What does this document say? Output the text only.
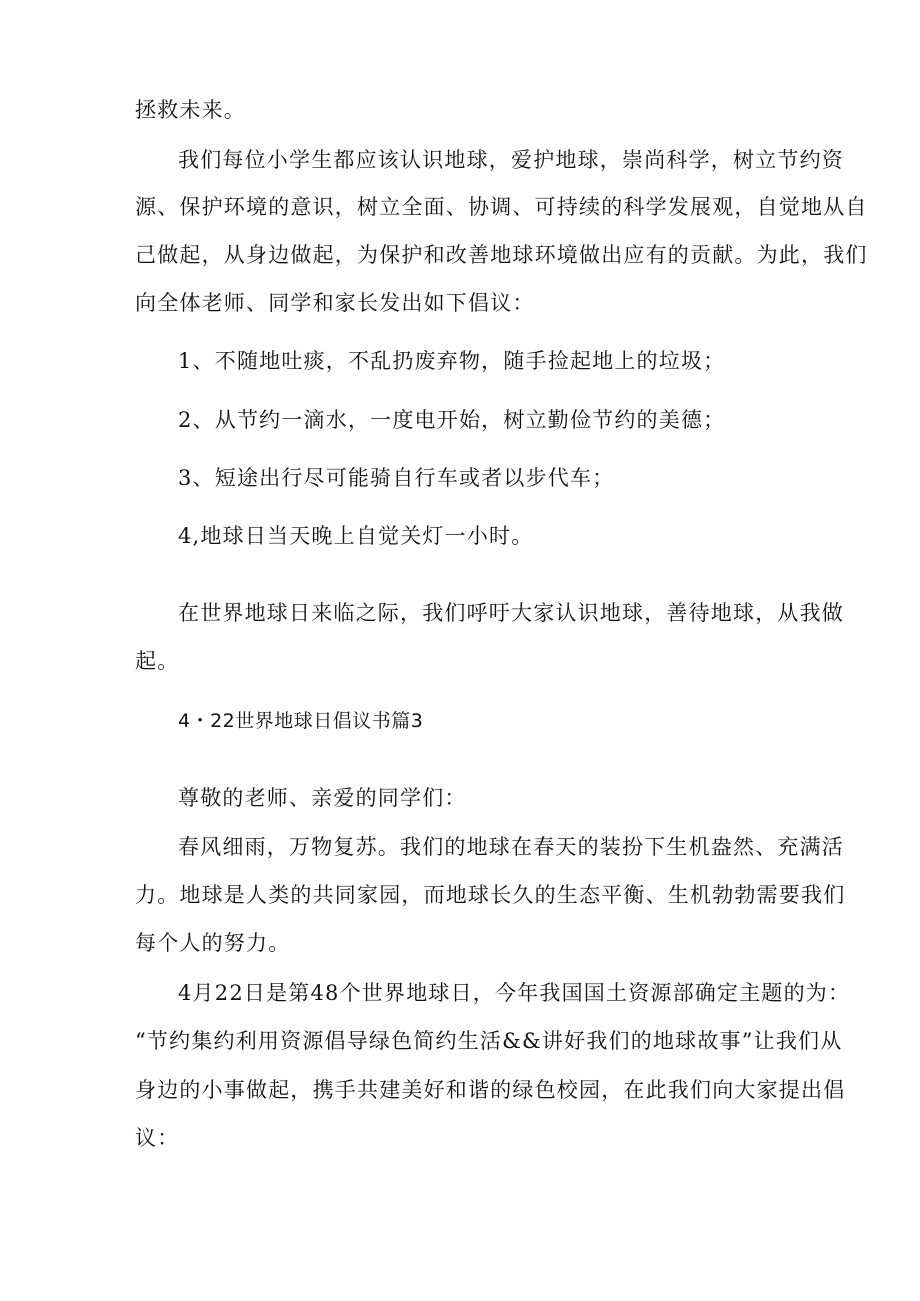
拯救未来。

我们每位小学生都应该认识地球，爱护地球，崇尚科学，树立节约资

源、保护环境的意识，树立全面、协调、可持续的科学发展观，自觉地从自

己做起，从身边做起，为保护和改善地球环境做出应有的贡献。为此，我们

向全体老师、同学和家长发出如下倡议：

1、不随地吐痰，不乱扔废弃物，随手捡起地上的垃圾；

2、从节约一滴水，一度电开始，树立勤俭节约的美德；

3、短途出行尽可能骑自行车或者以步代车；

4,地球日当天晚上自觉关灯一小时。

在世界地球日来临之际，我们呼吁大家认识地球，善待地球，从我做

起。

4・22世界地球日倡议书篇3

尊敬的老师、亲爱的同学们：

春风细雨，万物复苏。我们的地球在春天的装扮下生机盎然、充满活

力。地球是人类的共同家园，而地球长久的生态平衡、生机勃勃需要我们

每个人的努力。

4月22日是第48个世界地球日，今年我国国土资源部确定主题的为：

“节约集约利用资源倡导绿色简约生活&&讲好我们的地球故事”让我们从

身边的小事做起，携手共建美好和谐的绿色校园，在此我们向大家提出倡

议：
